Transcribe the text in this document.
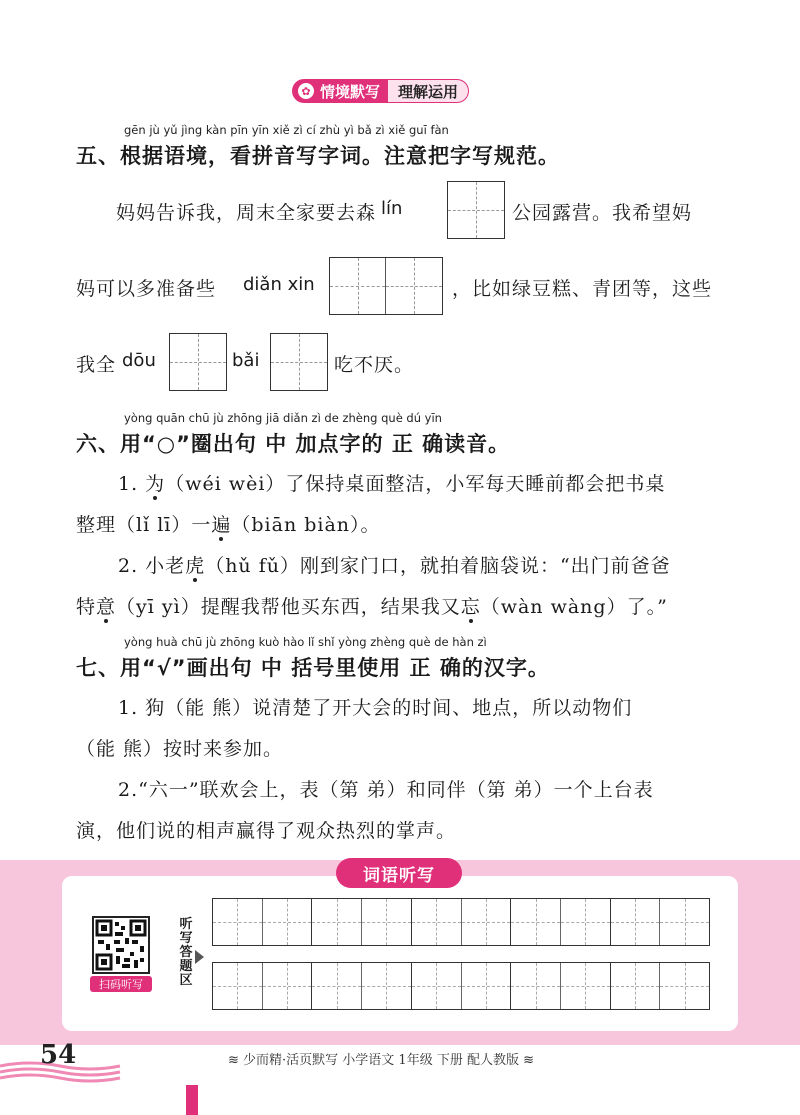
✿ 情境默写	理解运用
gēn jù yǔ jìng kàn pīn yīn xiě zì cí zhù yì bǎ zì xiě guī fàn
五、根据语境，看拼音写字词。注意把字写规范。
妈妈告诉我，周末全家要去森 lín	公园露营。我希望妈
妈可以多准备些 diǎn xin	，比如绿豆糕、青团等，这些
我全 dōu	bǎi	吃不厌。
yòng quān chū jù zhōng jiā diǎn zì de zhèng què dú yīn
六、用“○”圈出句 中 加点字的 正 确读音。
1. 为（wéi wèi）了保持桌面整洁，小军每天睡前都会把书桌
整理（lǐ lī）一遍（biān biàn）。
2. 小老虎（hǔ fǔ）刚到家门口，就拍着脑袋说：“出门前爸爸
特意（yī yì）提醒我帮他买东西，结果我又忘（wàn wàng）了。”
yòng huà chū jù zhōng kuò hào lǐ shǐ yòng zhèng què de hàn zì
七、用“√”画出句 中 括号里使用 正 确的汉字。
1. 狗（能 熊）说清楚了开大会的时间、地点，所以动物们
（能 熊）按时来参加。
2.“六一”联欢会上，表（第 弟）和同伴（第 弟）一个上台表
演，他们说的相声赢得了观众热烈的掌声。
词语听写
扫码听写
听写答题区
54	≋ 少而精·活页默写 小学语文 1年级 下册 配人教版 ≋
